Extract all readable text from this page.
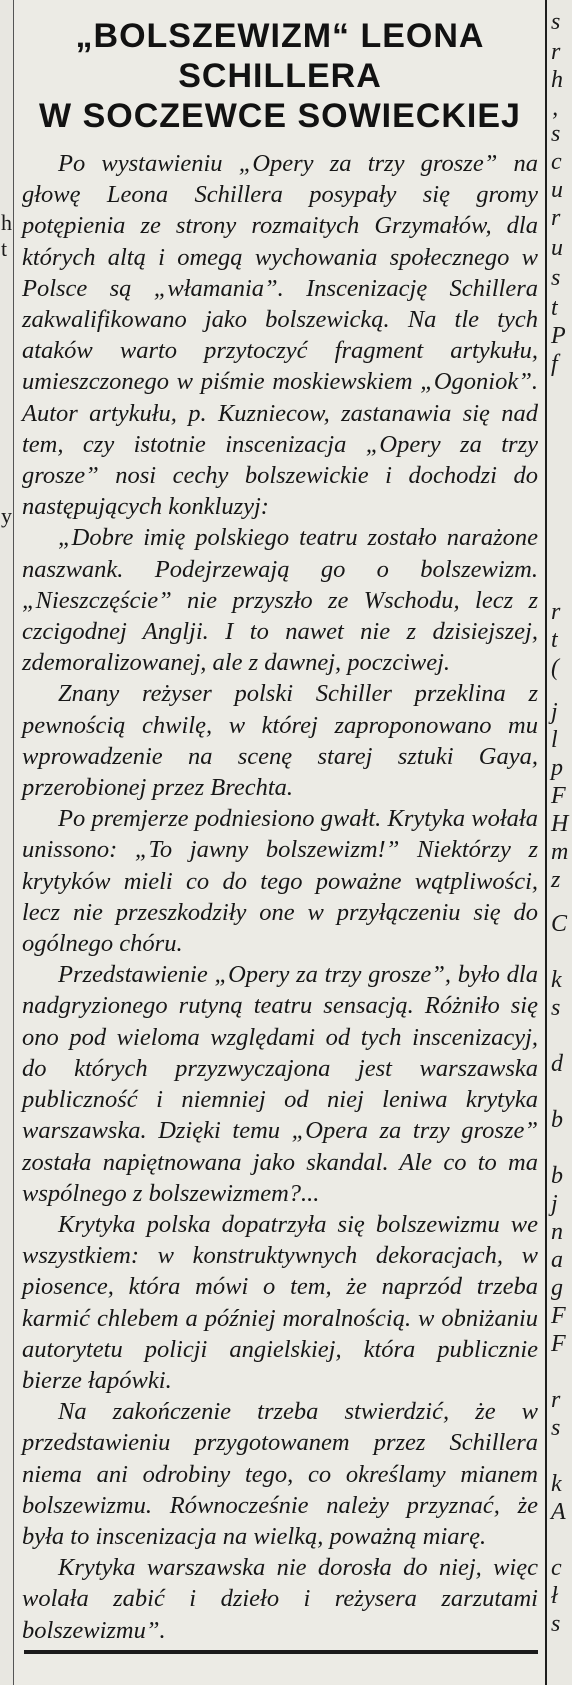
h
t
y
„BOLSZEWIZM“ LEONA SCHILLERA
W SOCZEWCE SOWIECKIEJ

Po wystawieniu „Opery za trzy grosze” na głowę Leona Schillera posypały się gromy potępienia ze strony rozmaitych Grzymałów, dla których altą i omegą wychowania społecznego w Polsce są „włamania”. Inscenizację Schillera zakwalifikowano jako bolszewicką. Na tle tych ataków warto przytoczyć fragment artykułu, umieszczonego w piśmie moskiewskiem „Ogoniok”. Autor artykułu, p. Kuzniecow, zastanawia się nad tem, czy istotnie inscenizacja „Opery za trzy grosze” nosi cechy bolszewickie i dochodzi do następujących konkluzyj:

„Dobre imię polskiego teatru zostało narażone naszwank. Podejrzewają go o bolszewizm. „Nieszczęście” nie przyszło ze Wschodu, lecz z czcigodnej Anglji. I to nawet nie z dzisiejszej, zdemoralizowanej, ale z dawnej, poczciwej.

Znany reżyser polski Schiller przeklina z pewnością chwilę, w której zaproponowano mu wprowadzenie na scenę starej sztuki Gaya, przerobionej przez Brechta.

Po premjerze podniesiono gwałt. Krytyka wołała unissono: „To jawny bolszewizm!” Niektórzy z krytyków mieli co do tego poważne wątpliwości, lecz nie przeszkodziły one w przyłączeniu się do ogólnego chóru.

Przedstawienie „Opery za trzy grosze”, było dla nadgryzionego rutyną teatru sensacją. Różniło się ono pod wieloma względami od tych inscenizacyj, do których przyzwyczajona jest warszawska publiczność i niemniej od niej leniwa krytyka warszawska. Dzięki temu „Opera za trzy grosze” została napiętnowana jako skandal. Ale co to ma wspólnego z bolszewizmem?...

Krytyka polska dopatrzyła się bolszewizmu we wszystkiem: w konstruktywnych dekoracjach, w piosence, która mówi o tem, że naprzód trzeba karmić chlebem a później moralnością. w obniżaniu autorytetu policji angielskiej, która publicznie bierze łapówki.

Na zakończenie trzeba stwierdzić, że w przedstawieniu przygotowanem przez Schillera niema ani odrobiny tego, co określamy mianem bolszewizmu. Równocześnie należy przyznać, że była to inscenizacja na wielką, poważną miarę.

Krytyka warszawska nie dorosła do niej, więc wolała zabić i dzieło i reżysera zarzutami bolszewizmu”.

s
r
h
‚
s
c
u
r
u
s
t
P
f
r
t
(
j
l
p
F
H
m
z
C
k
s
d
b
b
j
n
a
g
F
F
r
s
k
A
c
ł
s
